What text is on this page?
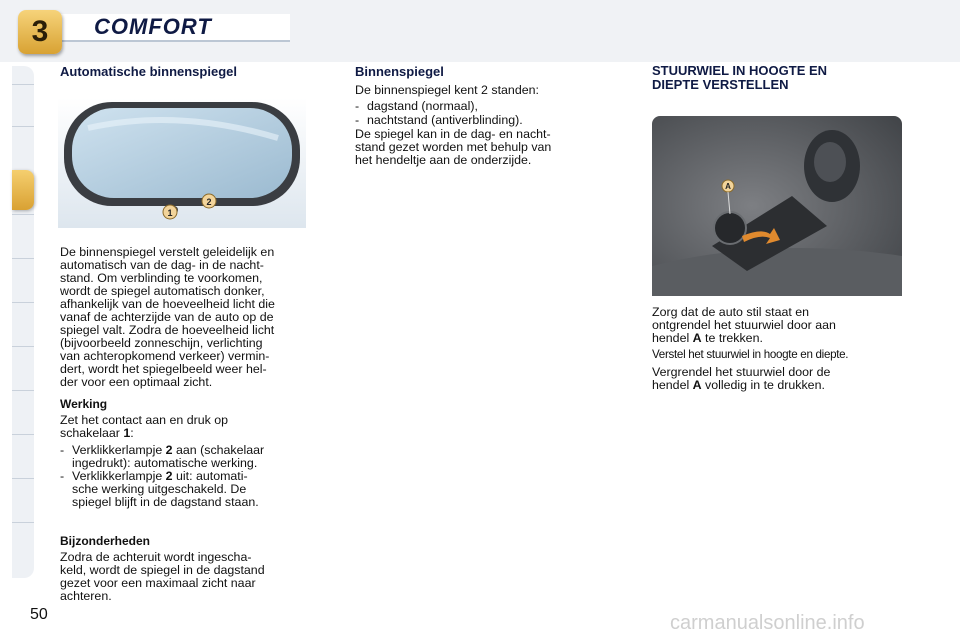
3	COMFORT
Automatische binnenspiegel
1
2
De binnenspiegel verstelt geleidelijk en
automatisch van de dag- in de nacht-
stand. Om verblinding te voorkomen,
wordt de spiegel automatisch donker,
afhankelijk van de hoeveelheid licht die
vanaf de achterzijde van de auto op de
spiegel valt. Zodra de hoeveelheid licht
(bijvoorbeeld zonneschijn, verlichting
van achteropkomend verkeer) vermin-
dert, wordt het spiegelbeeld weer hel-
der voor een optimaal zicht.
Werking
Zet het contact aan en druk op
schakelaar 1:
- Verklikkerlampje 2 aan (schakelaar
ingedrukt): automatische werking.
- Verklikkerlampje 2 uit: automati-
sche werking uitgeschakeld. De
spiegel blijft in de dagstand staan.
Bijzonderheden
Zodra de achteruit wordt ingescha-
keld, wordt de spiegel in de dagstand
gezet voor een maximaal zicht naar
achteren.
Binnenspiegel
De binnenspiegel kent 2 standen:
- dagstand (normaal),
- nachtstand (antiverblinding).
De spiegel kan in de dag- en nacht-
stand gezet worden met behulp van
het hendeltje aan de onderzijde.
STUURWIEL IN HOOGTE EN
DIEPTE VERSTELLEN
A
Zorg dat de auto stil staat en
ontgrendel het stuurwiel door aan
hendel A te trekken.
Verstel het stuurwiel in hoogte en diepte.
Vergrendel het stuurwiel door de
hendel A volledig in te drukken.
50	carmanualsonline.info
